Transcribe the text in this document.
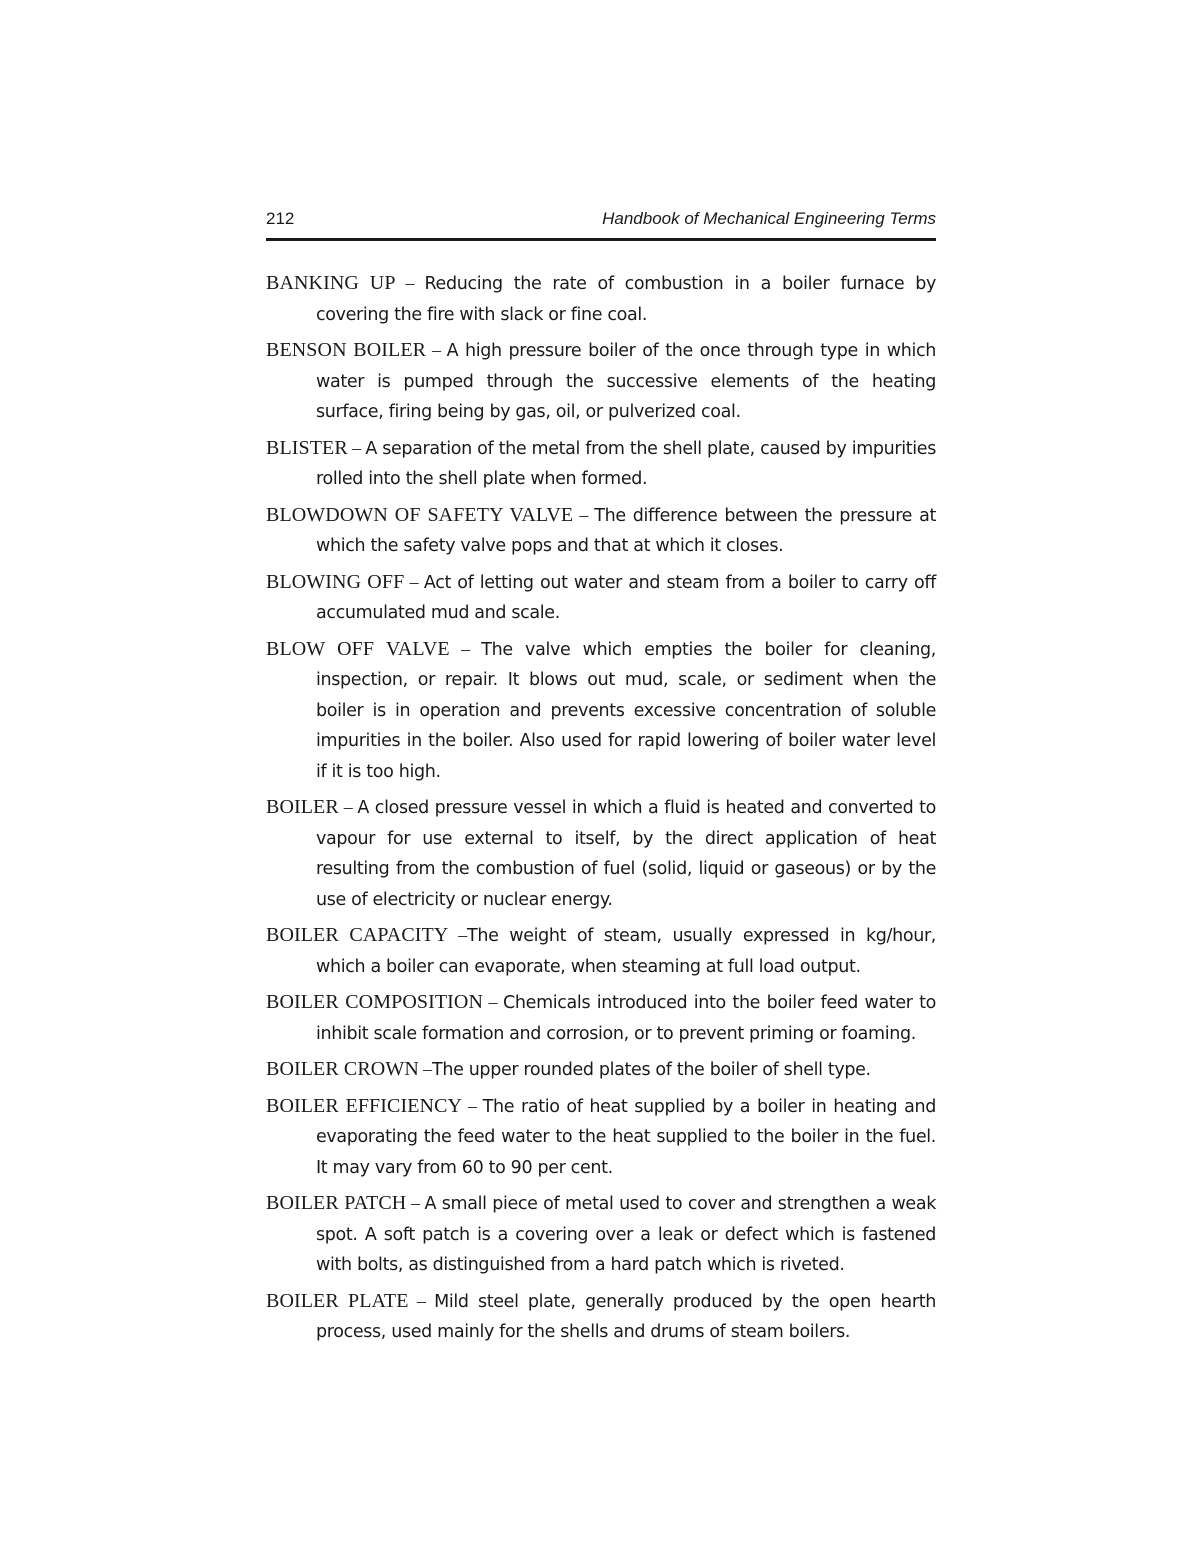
212	Handbook of Mechanical Engineering Terms

BANKING UP – Reducing the rate of combustion in a boiler furnace by covering the fire with slack or fine coal.

BENSON BOILER – A high pressure boiler of the once through type in which water is pumped through the successive elements of the heating surface, firing being by gas, oil, or pulverized coal.

BLISTER – A separation of the metal from the shell plate, caused by impurities rolled into the shell plate when formed.

BLOWDOWN OF SAFETY VALVE – The difference between the pressure at which the safety valve pops and that at which it closes.

BLOWING OFF – Act of letting out water and steam from a boiler to carry off accumulated mud and scale.

BLOW OFF VALVE – The valve which empties the boiler for cleaning, inspection, or repair. It blows out mud, scale, or sediment when the boiler is in operation and prevents excessive concentration of soluble impurities in the boiler. Also used for rapid lowering of boiler water level if it is too high.

BOILER – A closed pressure vessel in which a fluid is heated and converted to vapour for use external to itself, by the direct application of heat resulting from the combustion of fuel (solid, liquid or gaseous) or by the use of electricity or nuclear energy.

BOILER CAPACITY –The weight of steam, usually expressed in kg/hour, which a boiler can evaporate, when steaming at full load output.

BOILER COMPOSITION – Chemicals introduced into the boiler feed water to inhibit scale formation and corrosion, or to prevent priming or foaming.

BOILER CROWN –The upper rounded plates of the boiler of shell type.

BOILER EFFICIENCY – The ratio of heat supplied by a boiler in heating and evaporating the feed water to the heat supplied to the boiler in the fuel. It may vary from 60 to 90 per cent.

BOILER PATCH – A small piece of metal used to cover and strengthen a weak spot. A soft patch is a covering over a leak or defect which is fastened with bolts, as distinguished from a hard patch which is riveted.

BOILER PLATE – Mild steel plate, generally produced by the open hearth process, used mainly for the shells and drums of steam boilers.
